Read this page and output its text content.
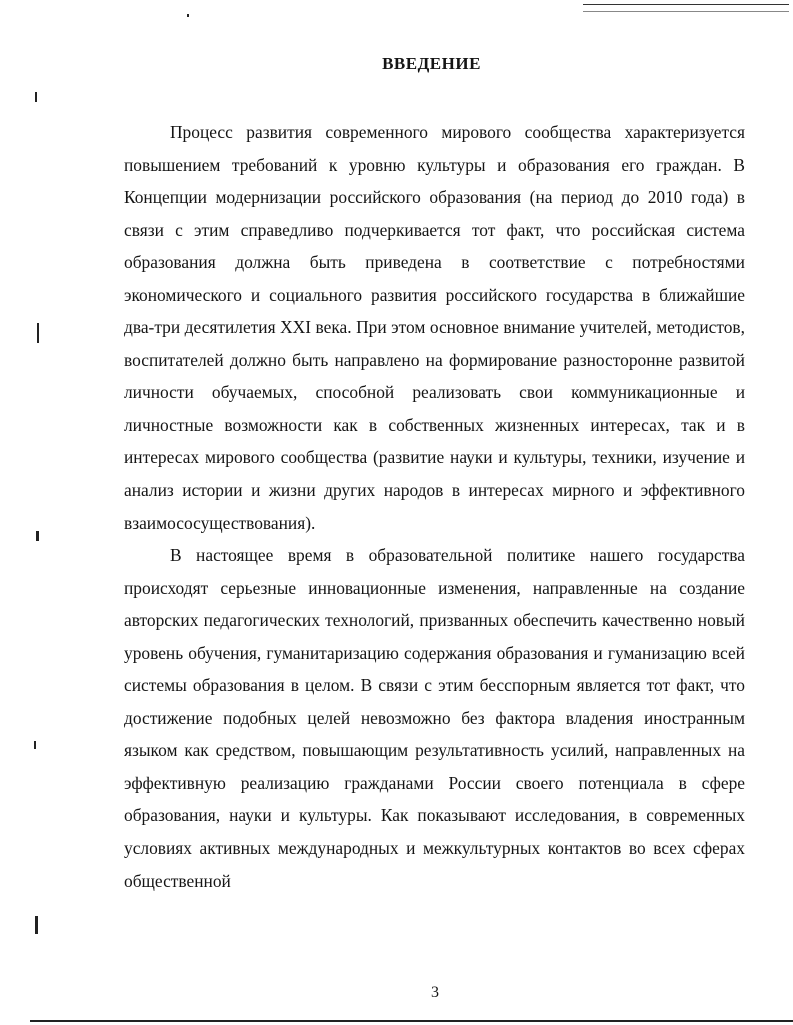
ВВЕДЕНИЕ

Процесс развития современного мирового сообщества характеризуется повышением требований к уровню культуры и образования его граждан. В Концепции модернизации российского образования (на период до 2010 года) в связи с этим справедливо подчеркивается тот факт, что российская система образования должна быть приведена в соответствие с потребностями экономического и социального развития российского государства в ближайшие два-три десятилетия XXI века. При этом основное внимание учителей, методистов, воспитателей должно быть направлено на формирование разносторонне развитой личности обучаемых, способной реализовать свои коммуникационные и личностные возможности как в собственных жизненных интересах, так и в интересах мирового сообщества (развитие науки и культуры, техники, изучение и анализ истории и жизни других народов в интересах мирного и эффективного взаимососуществования).

В настоящее время в образовательной политике нашего государства происходят серьезные инновационные изменения, направленные на создание авторских педагогических технологий, призванных обеспечить качественно новый уровень обучения, гуманитаризацию содержания образования и гуманизацию всей системы образования в целом. В связи с этим бесспорным является тот факт, что достижение подобных целей невозможно без фактора владения иностранным языком как средством, повышающим результативность усилий, направленных на эффективную реализацию гражданами России своего потенциала в сфере образования, науки и культуры. Как показывают исследования, в современных условиях активных международных и межкультурных контактов во всех сферах общественной

3
